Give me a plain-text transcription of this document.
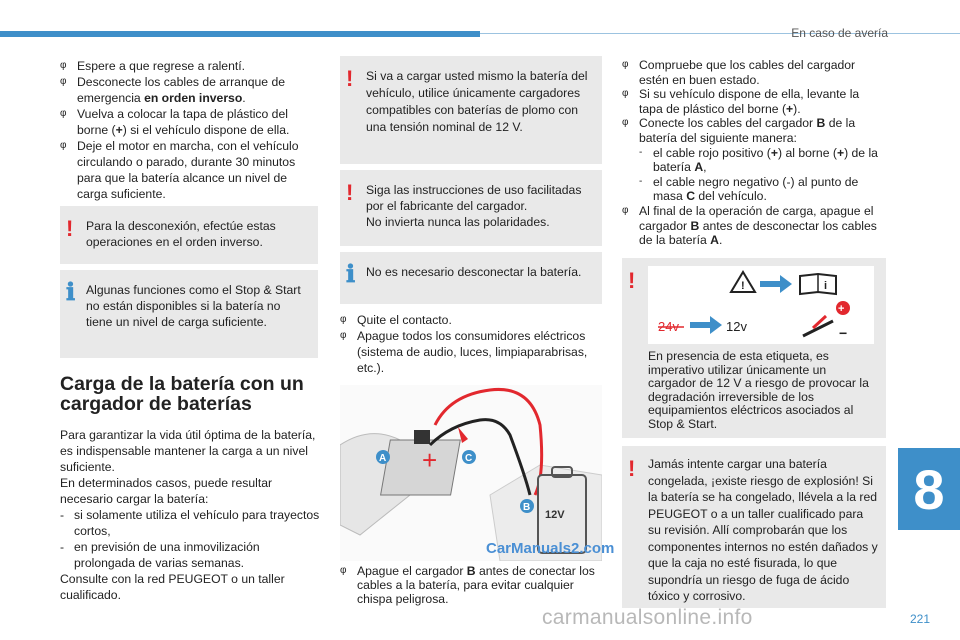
En caso de avería
8
221
φ Espere a que regrese a ralentí.
φ Desconecte los cables de arranque de emergencia en orden inverso.
φ Vuelva a colocar la tapa de plástico del borne (+) si el vehículo dispone de ella.
φ Deje el motor en marcha, con el vehículo circulando o parado, durante 30 minutos para que la batería alcance un nivel de carga suficiente.
! Para la desconexión, efectúe estas operaciones en el orden inverso.
ℹ Algunas funciones como el Stop & Start no están disponibles si la batería no tiene un nivel de carga suficiente.
Carga de la batería con un cargador de baterías

Para garantizar la vida útil óptima de la batería, es indispensable mantener la carga a un nivel suficiente.

En determinados casos, puede resultar necesario cargar la batería:

- si solamente utiliza el vehículo para trayectos cortos,
- en previsión de una inmovilización prolongada de varias semanas.

Consulte con la red PEUGEOT o un taller cualificado.

! Si va a cargar usted mismo la batería del vehículo, utilice únicamente cargadores compatibles con baterías de plomo con una tensión nominal de 12 V.
! Siga las instrucciones de uso facilitadas por el fabricante del cargador.
No invierta nunca las polaridades.
ℹ No es necesario desconectar la batería.
φ Quite el contacto.
φ Apague todos los consumidores eléctricos (sistema de audio, luces, limpiaparabrisas, etc.).
+
12V
A	C
B
CarManuals2.com
φ Apague el cargador B antes de conectar los cables a la batería, para evitar cualquier chispa peligrosa.
φ Compruebe que los cables del cargador estén en buen estado.
φ Si su vehículo dispone de ella, levante la tapa de plástico del borne (+).
φ Conecte los cables del cargador B de la batería del siguiente manera:
- el cable rojo positivo (+) al borne (+) de la batería A,
- el cable negro negativo (-) al punto de masa C del vehículo.
φ Al final de la operación de carga, apague el cargador B antes de desconectar los cables de la batería A.
!	!	i
24v	12v
+
−
En presencia de esta etiqueta, es imperativo utilizar únicamente un cargador de 12 V a riesgo de provocar la degradación irreversible de los equipamientos eléctricos asociados al Stop & Start.
! Jamás intente cargar una batería congelada, ¡existe riesgo de explosión! Si la batería se ha congelado, llévela a la red PEUGEOT o a un taller cualificado para su revisión. Allí comprobarán que los componentes internos no estén dañados y que la caja no esté fisurada, lo que supondría un riesgo de fuga de ácido tóxico y corrosivo.
carmanualsonline.info
